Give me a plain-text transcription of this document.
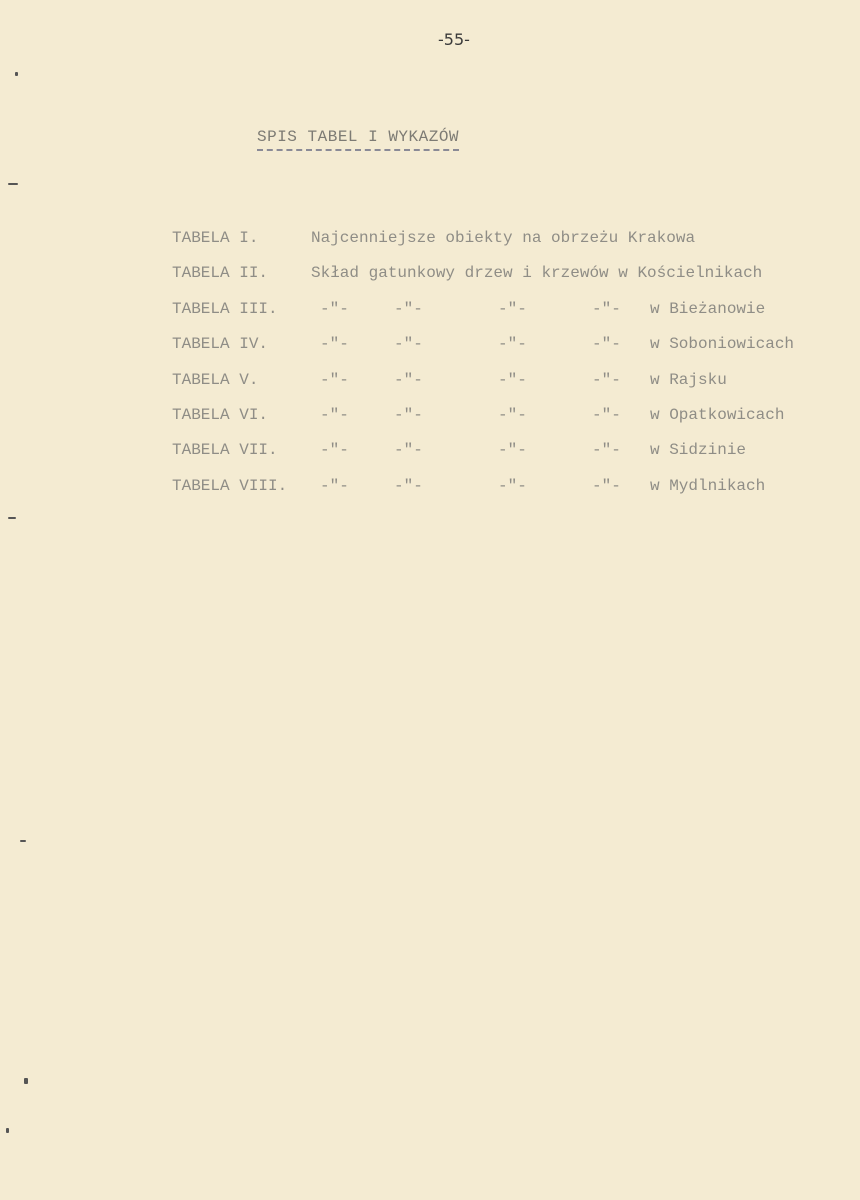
-55-
SPIS TABEL I WYKAZÓW
TABELA I.	Najcenniejsze obiekty na obrzeżu Krakowa
TABELA II.	Skład gatunkowy drzew i krzewów w Kościelnikach
TABELA III.	-"-	-"-	-"-	-"- w Bieżanowie
TABELA IV.	-"-	-"-	-"-	-"- w Soboniowicach
TABELA V.	-"-	-"-	-"-	-"- w Rajsku
TABELA VI.	-"-	-"-	-"-	-"- w Opatkowicach
TABELA VII.	-"-	-"-	-"-	-"- w Sidzinie
TABELA VIII. -"-	-"-	-"-	-"- w Mydlnikach
